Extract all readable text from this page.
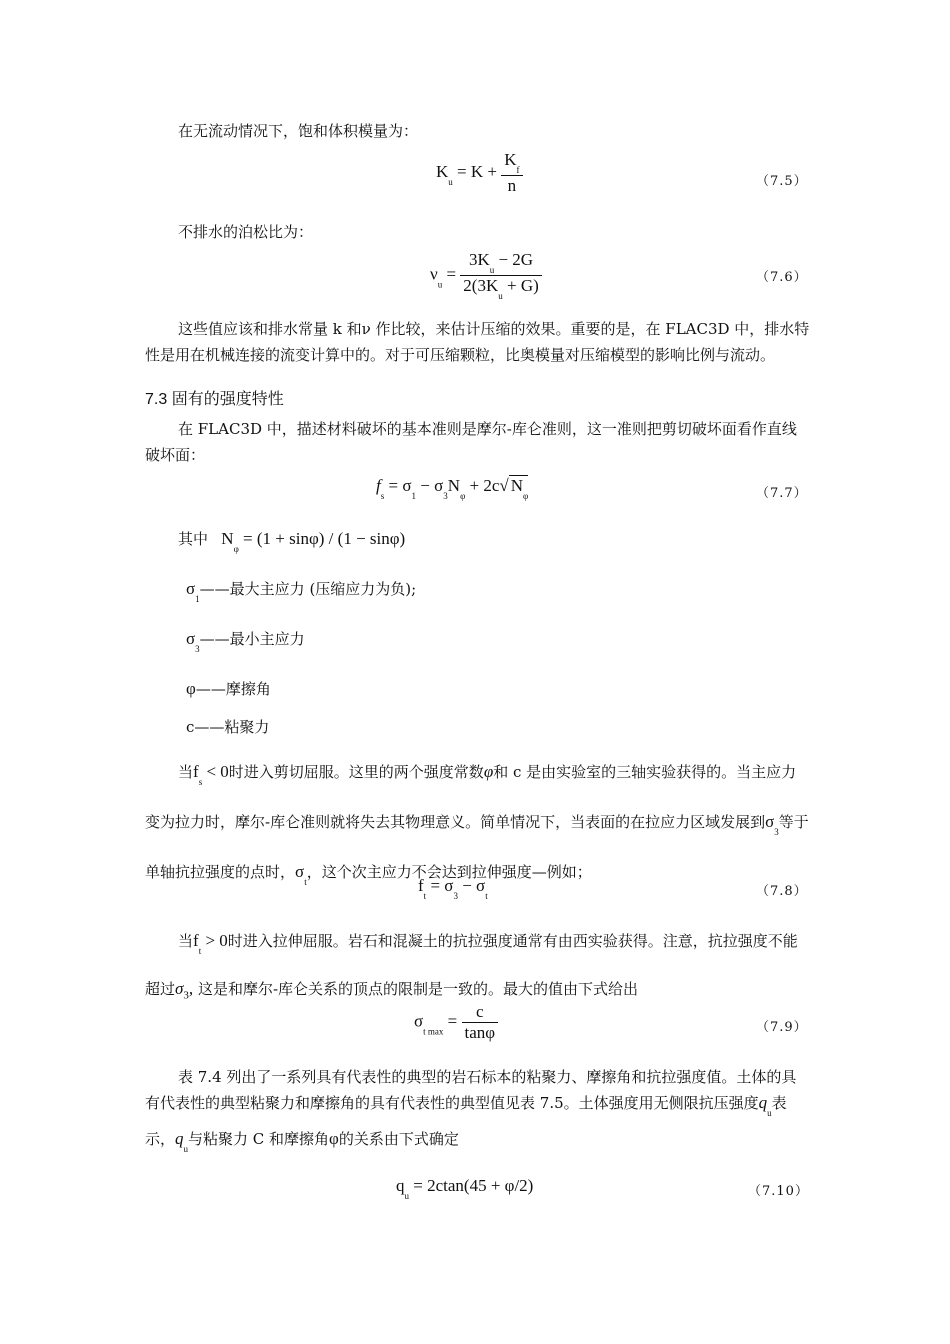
在无流动情况下，饱和体积模量为：
$K_u = K + \frac{K_f}{n}$	（7.5）
不排水的泊松比为：
$\nu_u = \frac{3K_u - 2G}{2(3K_u + G)}$	（7.6）
这些值应该和排水常量 k 和ν 作比较，来估计压缩的效果。重要的是，在 FLAC3D 中，排水特性是用在机械连接的流变计算中的。对于可压缩颗粒，比奥模量对压缩模型的影响比例与流动。
7.3 固有的强度特性
在 FLAC3D 中，描述材料破坏的基本准则是摩尔-库仑准则，这一准则把剪切破坏面看作直线破坏面：
$f_s = \sigma_1 - \sigma_3N_\varphi + 2c√$ $N_\varphi$	（7.7）
其中   $N_\varphi = (1 + \sin\varphi) / (1 - \sin\varphi)$
$\sigma_1——$最大主应力 (压缩应力为负);
$\sigma_3——$最小主应力
φ——摩擦角
c——粘聚力
当$f_s < 0$时进入剪切屈服。这里的两个强度常数φ和 c 是由实验室的三轴实验获得的。当主应力变为拉力时，摩尔-库仑准则就将失去其物理意义。简单情况下，当表面的在拉应力区域发展到$\sigma_3$等于单轴抗拉强度的点时，$\sigma_t$，这个次主应力不会达到拉伸强度—例如；
$f_t = \sigma_3 - \sigma_t$	（7.8）
当$f_t > 0$时进入拉伸屈服。岩石和混凝土的抗拉强度通常有由西实验获得。注意，抗拉强度不能超过$\sigma_3$, 这是和摩尔-库仑关系的顶点的限制是一致的。最大的值由下式给出
$\sigma_{t max} = \frac{c}{\tan\varphi}$	（7.9）
表 7.4 列出了一系列具有代表性的典型的岩石标本的粘聚力、摩擦角和抗拉强度值。土体的具有代表性的典型粘聚力和摩擦角的具有代表性的典型值见表 7.5。土体强度用无侧限抗压强度$q_u$表示，$q_u$与粘聚力 C 和摩擦角φ的关系由下式确定
$q_u = 2ctan(45 + \varphi/2)$	（7.10）
